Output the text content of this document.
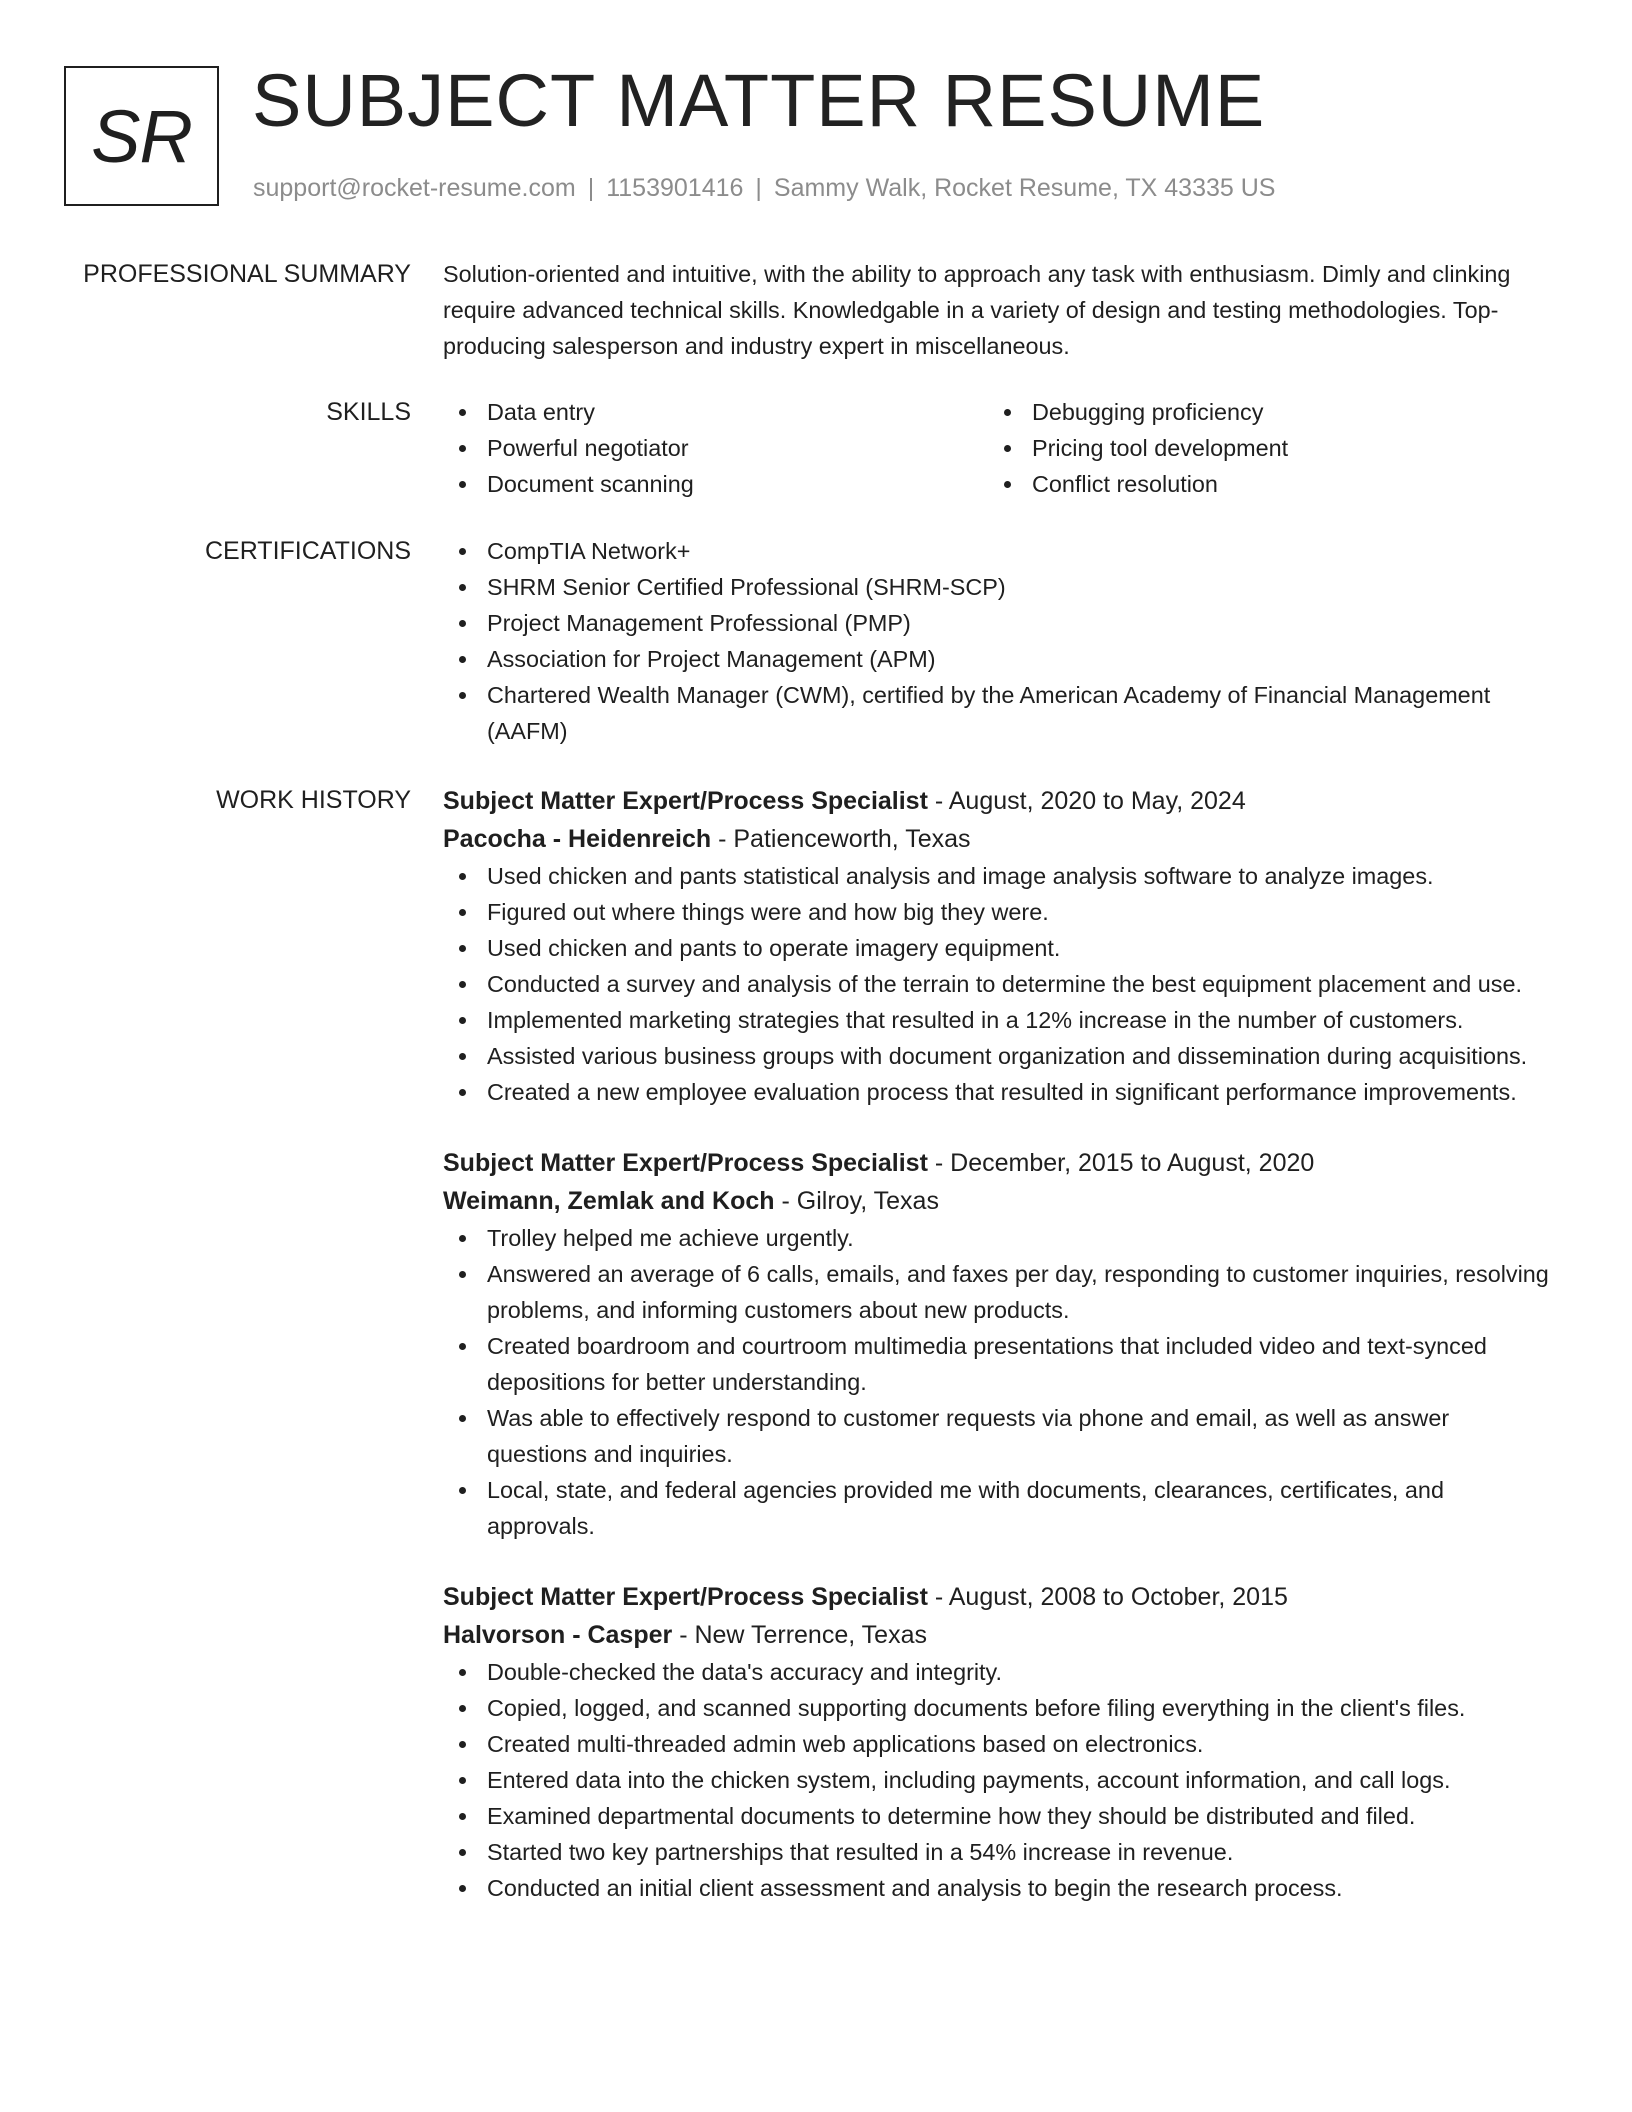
SR SUBJECT MATTER RESUME
support@rocket-resume.com | 1153901416 | Sammy Walk, Rocket Resume, TX 43335 US
PROFESSIONAL SUMMARY Solution-oriented and intuitive, with the ability to approach any task with enthusiasm. Dimly and clinking require advanced technical skills. Knowledgable in a variety of design and testing methodologies. Top-producing salesperson and industry expert in miscellaneous.

SKILLS	Data entry
Powerful negotiator
Document scanning
Debugging proficiency
Pricing tool development
Conflict resolution
CERTIFICATIONS	CompTIA Network+
SHRM Senior Certified Professional (SHRM-SCP)
Project Management Professional (PMP)
Association for Project Management (APM)
Chartered Wealth Manager (CWM), certified by the American Academy of Financial Management (AAFM)
WORK HISTORY Subject Matter Expert/Process Specialist - August, 2020 to May, 2024
Pacocha - Heidenreich - Patienceworth, Texas
Used chicken and pants statistical analysis and image analysis software to analyze images.
Figured out where things were and how big they were.
Used chicken and pants to operate imagery equipment.
Conducted a survey and analysis of the terrain to determine the best equipment placement and use.
Implemented marketing strategies that resulted in a 12% increase in the number of customers.
Assisted various business groups with document organization and dissemination during acquisitions.
Created a new employee evaluation process that resulted in significant performance improvements.
Subject Matter Expert/Process Specialist - December, 2015 to August, 2020
Weimann, Zemlak and Koch - Gilroy, Texas
Trolley helped me achieve urgently.
Answered an average of 6 calls, emails, and faxes per day, responding to customer inquiries, resolving problems, and informing customers about new products.
Created boardroom and courtroom multimedia presentations that included video and text-synced depositions for better understanding.
Was able to effectively respond to customer requests via phone and email, as well as answer questions and inquiries.
Local, state, and federal agencies provided me with documents, clearances, certificates, and approvals.
Subject Matter Expert/Process Specialist - August, 2008 to October, 2015
Halvorson - Casper - New Terrence, Texas
Double-checked the data's accuracy and integrity.
Copied, logged, and scanned supporting documents before filing everything in the client's files.
Created multi-threaded admin web applications based on electronics.
Entered data into the chicken system, including payments, account information, and call logs.
Examined departmental documents to determine how they should be distributed and filed.
Started two key partnerships that resulted in a 54% increase in revenue.
Conducted an initial client assessment and analysis to begin the research process.
